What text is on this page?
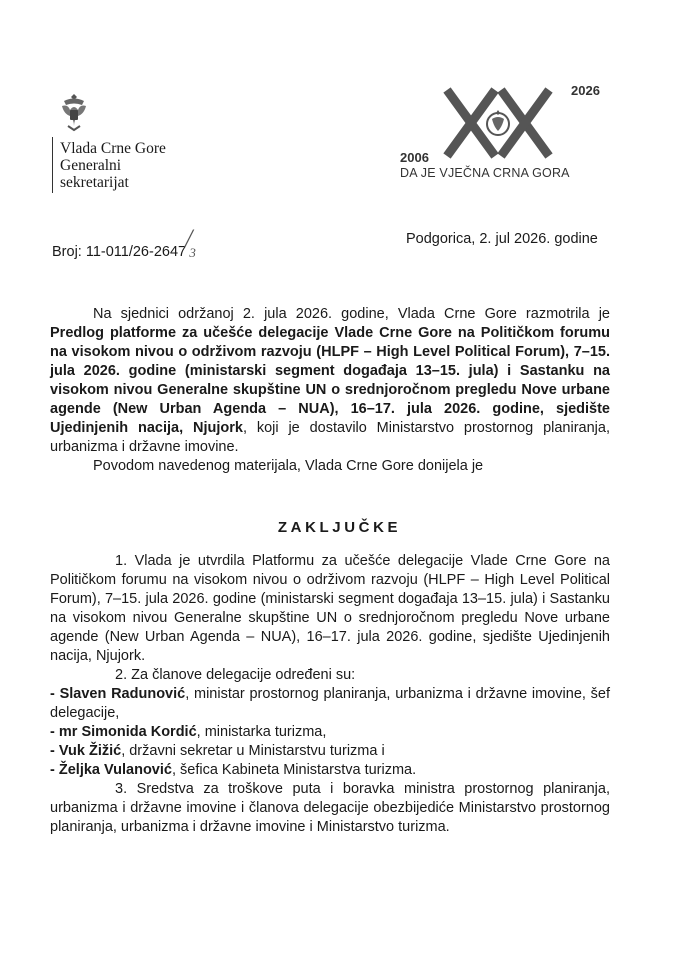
Vlada Crne Gore
Generalni
sekretarijat
2006
2026
DA JE VJEČNA CRNA GORA
Broj: 11-011/26-2647/3
Podgorica, 2. jul 2026. godine

Na sjednici održanoj 2. jula 2026. godine, Vlada Crne Gore razmotrila je Predlog platforme za učešće delegacije Vlade Crne Gore na Političkom forumu na visokom nivou o održivom razvoju (HLPF – High Level Political Forum), 7–15. jula 2026. godine (ministarski segment događaja 13–15. jula) i Sastanku na visokom nivou Generalne skupštine UN o srednjoročnom pregledu Nove urbane agende (New Urban Agenda – NUA), 16–17. jula 2026. godine, sjedište Ujedinjenih nacija, Njujork, koji je dostavilo Ministarstvo prostornog planiranja, urbanizma i državne imovine.

Povodom navedenog materijala, Vlada Crne Gore donijela je

ZAKLJUČKE

1. Vlada je utvrdila Platformu za učešće delegacije Vlade Crne Gore na Političkom forumu na visokom nivou o održivom razvoju (HLPF – High Level Political Forum), 7–15. jula 2026. godine (ministarski segment događaja 13–15. jula) i Sastanku na visokom nivou Generalne skupštine UN o srednjoročnom pregledu Nove urbane agende (New Urban Agenda – NUA), 16–17. jula 2026. godine, sjedište Ujedinjenih nacija, Njujork.

2. Za članove delegacije određeni su:

- Slaven Radunović, ministar prostornog planiranja, urbanizma i državne imovine, šef delegacije,

- mr Simonida Kordić, ministarka turizma,

- Vuk Žižić, državni sekretar u Ministarstvu turizma i

- Željka Vulanović, šefica Kabineta Ministarstva turizma.

3. Sredstva za troškove puta i boravka ministra prostornog planiranja, urbanizma i državne imovine i članova delegacije obezbijediće Ministarstvo prostornog planiranja, urbanizma i državne imovine i Ministarstvo turizma.
